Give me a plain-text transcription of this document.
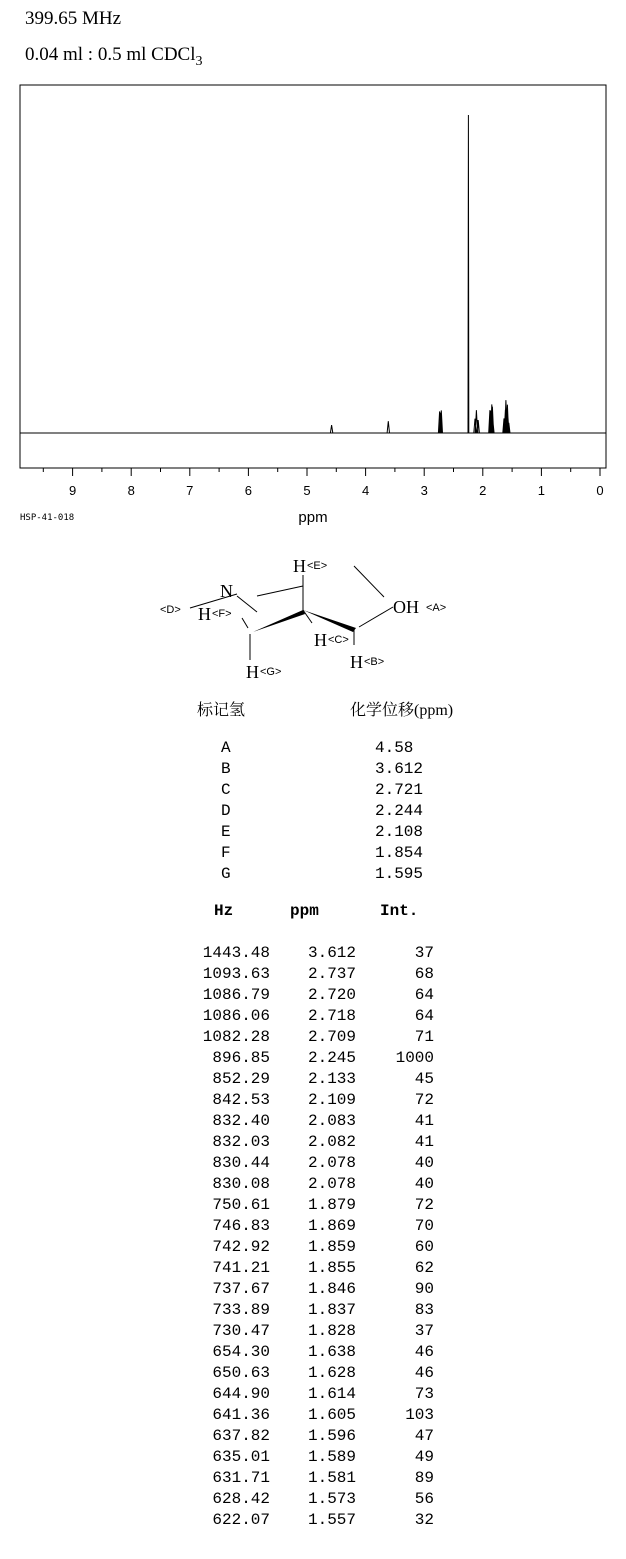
399.65 MHz
0.04 ml : 0.5 ml CDCl$_3$
9	8	7	6	5	4	3	2	1	0
ppm
HSP-41-018
N
H
H
H
H
H
OH
<E>
<F>
<C>
<B>
<G>
<A>
<D>
标记氢	化学位移(ppm)
A	4.58
B	3.612
C	2.721
D	2.244
E	2.108
F	1.854
G	1.595
Hz	ppm	Int.
1443.48 3.612	37
1093.63 2.737	68
1086.79 2.720	64
1086.06 2.718	64
1082.28 2.709	71
896.85 2.245 1000
852.29 2.133	45
842.53 2.109	72
832.40 2.083	41
832.03 2.082	41
830.44 2.078	40
830.08 2.078	40
750.61 1.879	72
746.83 1.869	70
742.92 1.859	60
741.21 1.855	62
737.67 1.846	90
733.89 1.837	83
730.47 1.828	37
654.30 1.638	46
650.63 1.628	46
644.90 1.614	73
641.36 1.605	103
637.82 1.596	47
635.01 1.589	49
631.71 1.581	89
628.42 1.573	56
622.07 1.557	32
